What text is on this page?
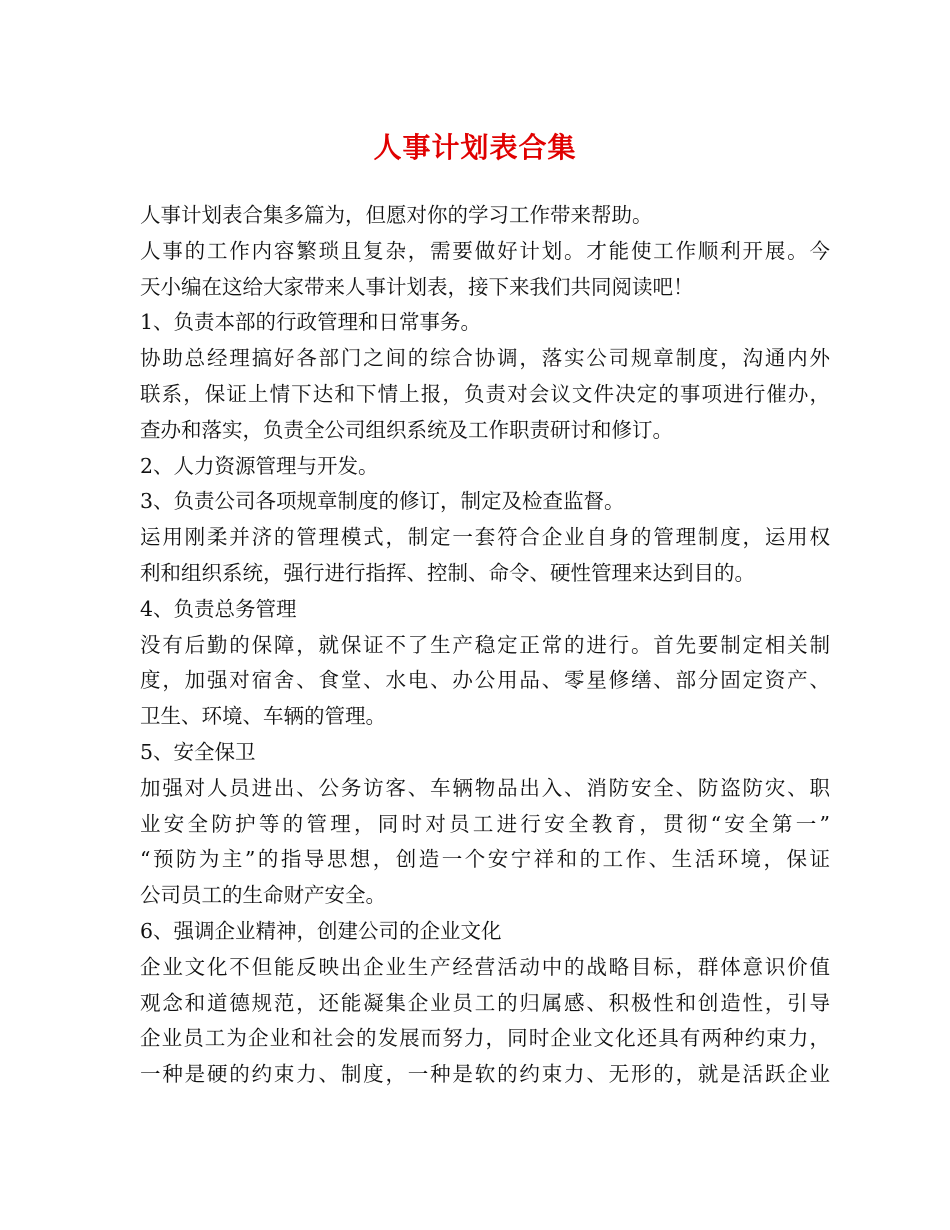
人事计划表合集
人事计划表合集多篇为，但愿对你的学习工作带来帮助。
人事的工作内容繁琐且复杂，需要做好计划。才能使工作顺利开展。今
天小编在这给大家带来人事计划表，接下来我们共同阅读吧！
1、负责本部的行政管理和日常事务。
协助总经理搞好各部门之间的综合协调，落实公司规章制度，沟通内外
联系，保证上情下达和下情上报，负责对会议文件决定的事项进行催办，
查办和落实，负责全公司组织系统及工作职责研讨和修订。
2、人力资源管理与开发。
3、负责公司各项规章制度的修订，制定及检查监督。
运用刚柔并济的管理模式，制定一套符合企业自身的管理制度，运用权
利和组织系统，强行进行指挥、控制、命令、硬性管理来达到目的。
4、负责总务管理
没有后勤的保障，就保证不了生产稳定正常的进行。首先要制定相关制
度，加强对宿舍、食堂、水电、办公用品、零星修缮、部分固定资产、
卫生、环境、车辆的管理。
5、安全保卫
加强对人员进出、公务访客、车辆物品出入、消防安全、防盗防灾、职
业安全防护等的管理，同时对员工进行安全教育，贯彻“安全第一”
“预防为主”的指导思想，创造一个安宁祥和的工作、生活环境，保证
公司员工的生命财产安全。
6、强调企业精神，创建公司的企业文化
企业文化不但能反映出企业生产经营活动中的战略目标，群体意识价值
观念和道德规范，还能凝集企业员工的归属感、积极性和创造性，引导
企业员工为企业和社会的发展而努力，同时企业文化还具有两种约束力，
一种是硬的约束力、制度，一种是软的约束力、无形的，就是活跃企业
